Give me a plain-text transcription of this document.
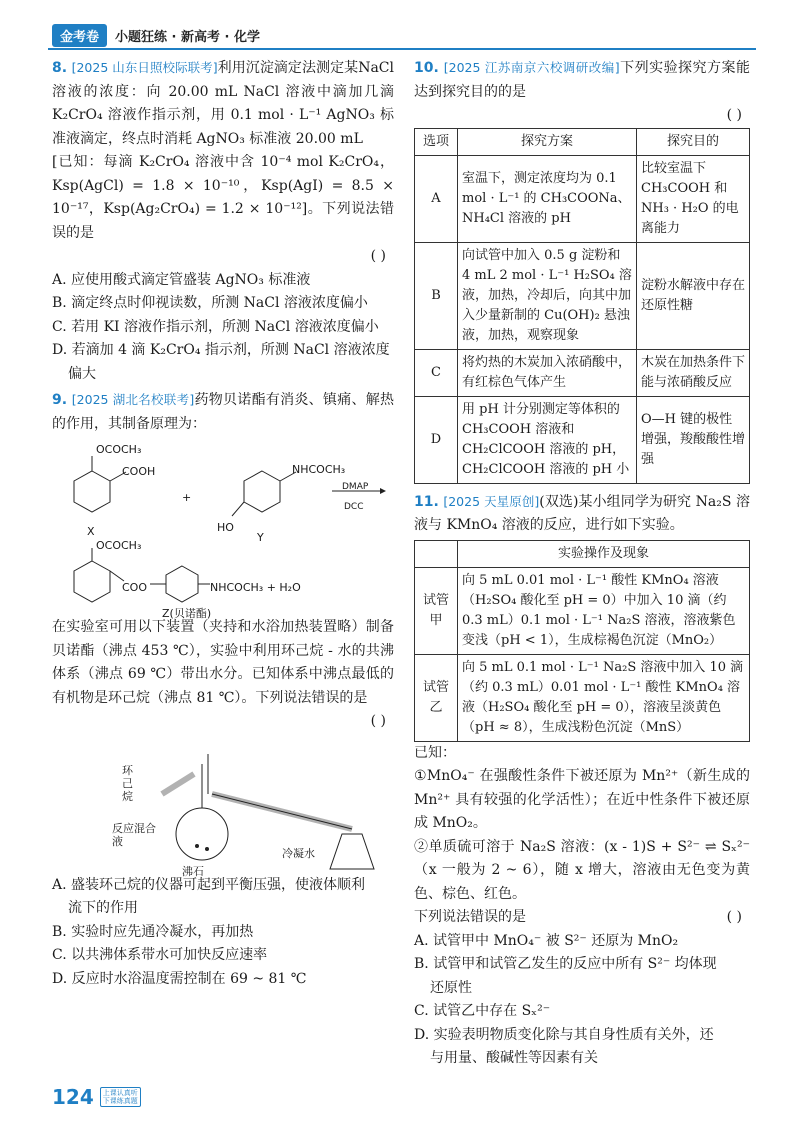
金考卷	小题狂练 · 新高考 · 化学

8. [2025 山东日照校际联考]利用沉淀滴定法测定某NaCl 溶液的浓度：向 20.00 mL NaCl 溶液中滴加几滴 K₂CrO₄ 溶液作指示剂，用 0.1 mol · L⁻¹ AgNO₃ 标准液滴定，终点时消耗 AgNO₃ 标准液 20.00 mL

[已知：每滴 K₂CrO₄ 溶液中含 10⁻⁴ mol K₂CrO₄，Ksp(AgCl) = 1.8 × 10⁻¹⁰，Ksp(AgI) = 8.5 × 10⁻¹⁷，Ksp(Ag₂CrO₄) = 1.2 × 10⁻¹²]。下列说法错误的是

( )

A. 应使用酸式滴定管盛装 AgNO₃ 标准液

B. 滴定终点时仰视读数，所测 NaCl 溶液浓度偏小

C. 若用 KI 溶液作指示剂，所测 NaCl 溶液浓度偏小

D. 若滴加 4 滴 K₂CrO₄ 指示剂，所测 NaCl 溶液浓度

偏大

9. [2025 湖北名校联考]药物贝诺酯有消炎、镇痛、解热的作用，其制备原理为：

OCOCH₃
COOH
X
+
NHCOCH₃
HO
Y
DMAP
DCC
OCOCH₃
COO	NHCOCH₃ + H₂O
Z(贝诺酯)

在实验室可用以下装置（夹持和水浴加热装置略）制备贝诺酯（沸点 453 ℃），实验中利用环己烷 - 水的共沸体系（沸点 69 ℃）带出水分。已知体系中沸点最低的有机物是环己烷（沸点 81 ℃）。下列说法错误的是

( )
环己烷
反应混合液
沸石
冷凝水

A. 盛装环己烷的仪器可起到平衡压强，使液体顺利

流下的作用

B. 实验时应先通冷凝水，再加热

C. 以共沸体系带水可加快反应速率

D. 反应时水浴温度需控制在 69 ~ 81 ℃

10. [2025 江苏南京六校调研改编]下列实验探究方案能达到探究目的的是

( )
选项	探究方案	探究目的
A	室温下，测定浓度均为 0.1 mol · L⁻¹ 的 CH₃COONa、NH₄Cl 溶液的 pH	比较室温下 CH₃COOH 和 NH₃ · H₂O 的电离能力
B	向试管中加入 0.5 g 淀粉和 4 mL 2 mol · L⁻¹ H₂SO₄ 溶液，加热，冷却后，向其中加入少量新制的 Cu(OH)₂ 悬浊液，加热，观察现象	淀粉水解液中存在还原性糖
C	将灼热的木炭加入浓硝酸中，有红棕色气体产生	木炭在加热条件下能与浓硝酸反应
D	用 pH 计分别测定等体积的 CH₃COOH 溶液和 CH₂ClCOOH 溶液的 pH，CH₂ClCOOH 溶液的 pH 小	O—H 键的极性增强，羧酸酸性增强

11. [2025 天星原创](双选)某小组同学为研究 Na₂S 溶液与 KMnO₄ 溶液的反应，进行如下实验。

	实验操作及现象
试管甲	向 5 mL 0.01 mol · L⁻¹ 酸性 KMnO₄ 溶液（H₂SO₄ 酸化至 pH = 0）中加入 10 滴（约 0.3 mL）0.1 mol · L⁻¹ Na₂S 溶液，溶液紫色变浅（pH < 1），生成棕褐色沉淀（MnO₂）
试管乙	向 5 mL 0.1 mol · L⁻¹ Na₂S 溶液中加入 10 滴（约 0.3 mL）0.01 mol · L⁻¹ 酸性 KMnO₄ 溶液（H₂SO₄ 酸化至 pH = 0），溶液呈淡黄色（pH ≈ 8），生成浅粉色沉淀（MnS）

已知：

①MnO₄⁻ 在强酸性条件下被还原为 Mn²⁺（新生成的 Mn²⁺ 具有较强的化学活性）；在近中性条件下被还原成 MnO₂。

②单质硫可溶于 Na₂S 溶液：(x - 1)S + S²⁻ ⇌ Sₓ²⁻（x 一般为 2 ~ 6），随 x 增大，溶液由无色变为黄色、棕色、红色。

下列说法错误的是	( )

A. 试管甲中 MnO₄⁻ 被 S²⁻ 还原为 MnO₂

B. 试管甲和试管乙发生的反应中所有 S²⁻ 均体现

还原性

C. 试管乙中存在 Sₓ²⁻

D. 实验表明物质变化除与其自身性质有关外，还

与用量、酸碱性等因素有关

124	上课认真听
下课练真题
